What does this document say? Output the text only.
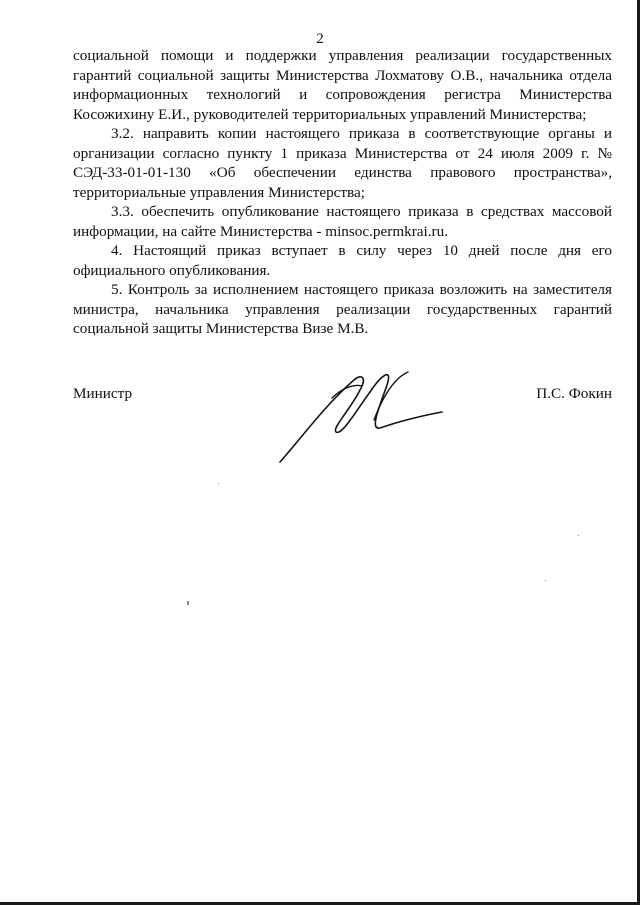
2

социальной помощи и поддержки управления реализации государственных гарантий социальной защиты Министерства Лохматову О.В., начальника отдела информационных технологий и сопровождения регистра Министерства Косожихину Е.И., руководителей территориальных управлений Министерства;

3.2. направить копии настоящего приказа в соответствующие органы и организации согласно пункту 1 приказа Министерства от 24 июля 2009 г. № СЭД-33-01-01-130 «Об обеспечении единства правового пространства», территориальные управления Министерства;

3.3. обеспечить опубликование настоящего приказа в средствах массовой информации, на сайте Министерства - minsoc.permkrai.ru.

4. Настоящий приказ вступает в силу через 10 дней после дня его официального опубликования.

5. Контроль за исполнением настоящего приказа возложить на заместителя министра, начальника управления реализации государственных гарантий социальной защиты Министерства Визе М.В.

Министр	П.С. Фокин
